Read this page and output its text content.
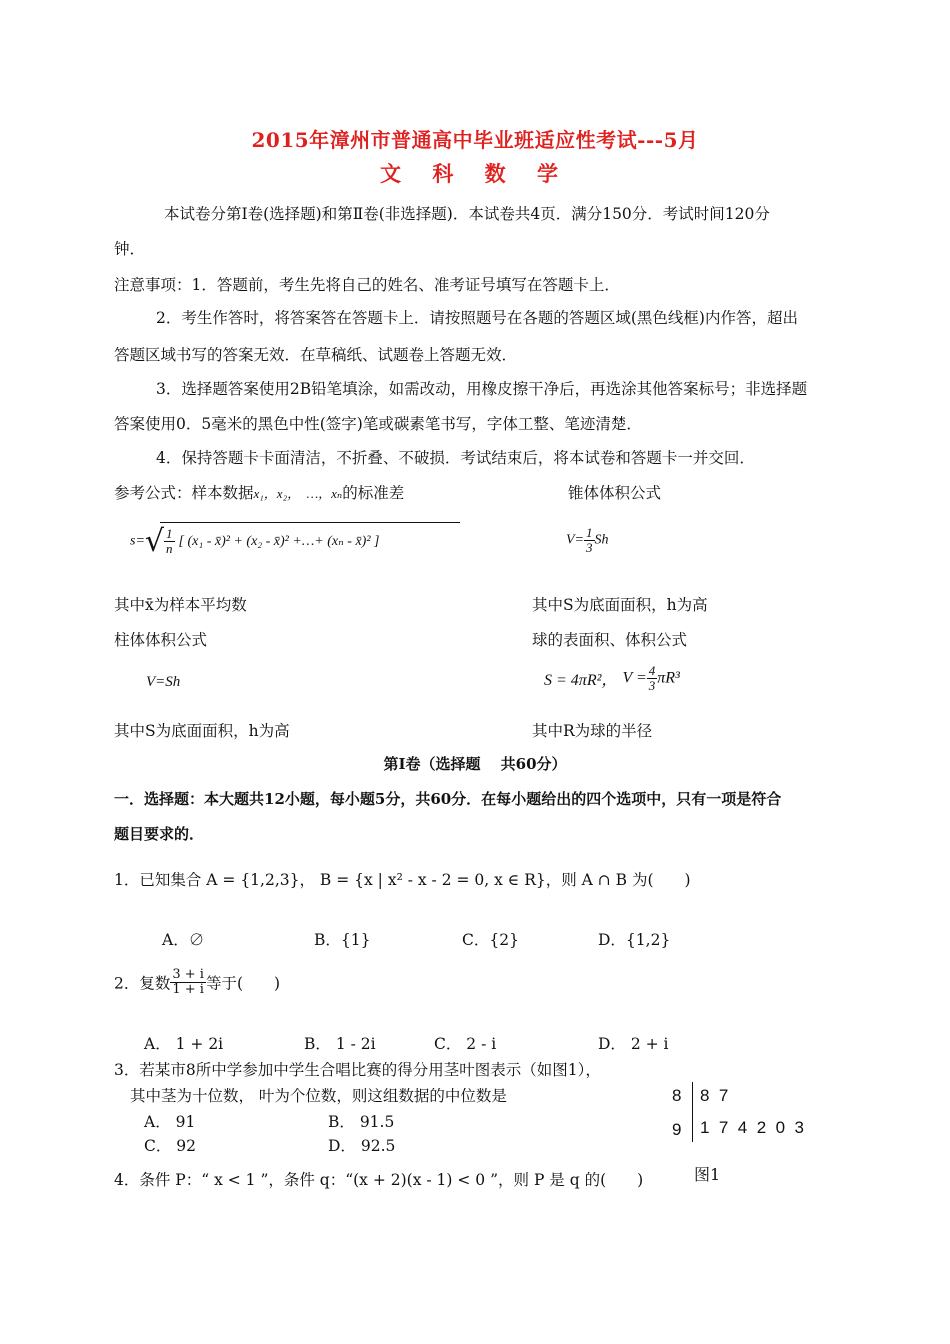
2015年漳州市普通高中毕业班适应性考试---5月
文 科 数 学
本试卷分第Ⅰ卷(选择题)和第Ⅱ卷(非选择题)．本试卷共4页．满分150分．考试时间120分
钟．
注意事项：1．答题前，考生先将自己的姓名、准考证号填写在答题卡上．
2．考生作答时，将答案答在答题卡上．请按照题号在各题的答题区域(黑色线框)内作答，超出
答题区域书写的答案无效．在草稿纸、试题卷上答题无效．
3．选择题答案使用2B铅笔填涂，如需改动，用橡皮擦干净后，再选涂其他答案标号；非选择题
答案使用0．5毫米的黑色中性(签字)笔或碳素笔书写，字体工整、笔迹清楚．
4．保持答题卡卡面清洁，不折叠、不破损．考试结束后，将本试卷和答题卡一并交回．
参考公式：样本数据x₁，x₂，　…，xₙ的标准差	锥体体积公式
$s=√ \frac{1}{n}$ [ (x₁ - x̄)² + (x₂ - x̄)² +…+ (xₙ - x̄)² ]	$V= \frac{1}{3}$ Sh
其中x̄为样本平均数	其中S为底面面积，h为高
柱体体积公式	球的表面积、体积公式
V=Sh	S = 4πR²， $V = \frac{4}{3} \pi R^3$
其中S为底面面积，h为高	其中R为球的半径
第Ⅰ卷（选择题　 共60分）
一．选择题：本大题共12小题，每小题5分，共60分．在每小题给出的四个选项中，只有一项是符合
题目要求的．
1．已知集合 A = {1,2,3}， B = {x | x² - x - 2 = 0, x ∈ R}，则 A ∩ B 为(　　)
A．∅	B．{1}	C．{2}	D．{1,2}
2．复数 $\frac{3 + i}{1 + i}$ 等于(　　)
A． 1 + 2i	B． 1 - 2i	C． 2 - i	D． 2 + i
3．若某市8所中学参加中学生合唱比赛的得分用茎叶图表示（如图1），
其中茎为十位数， 叶为个位数，则这组数据的中位数是
A． 91	B． 91.5
C． 92	D． 92.5
8 8  7
9 1  7  4  2  0  3
图1
4．条件 P：“ x < 1 ”，条件 q：“(x + 2)(x - 1) < 0 ”，则 P 是 q 的(　　)
